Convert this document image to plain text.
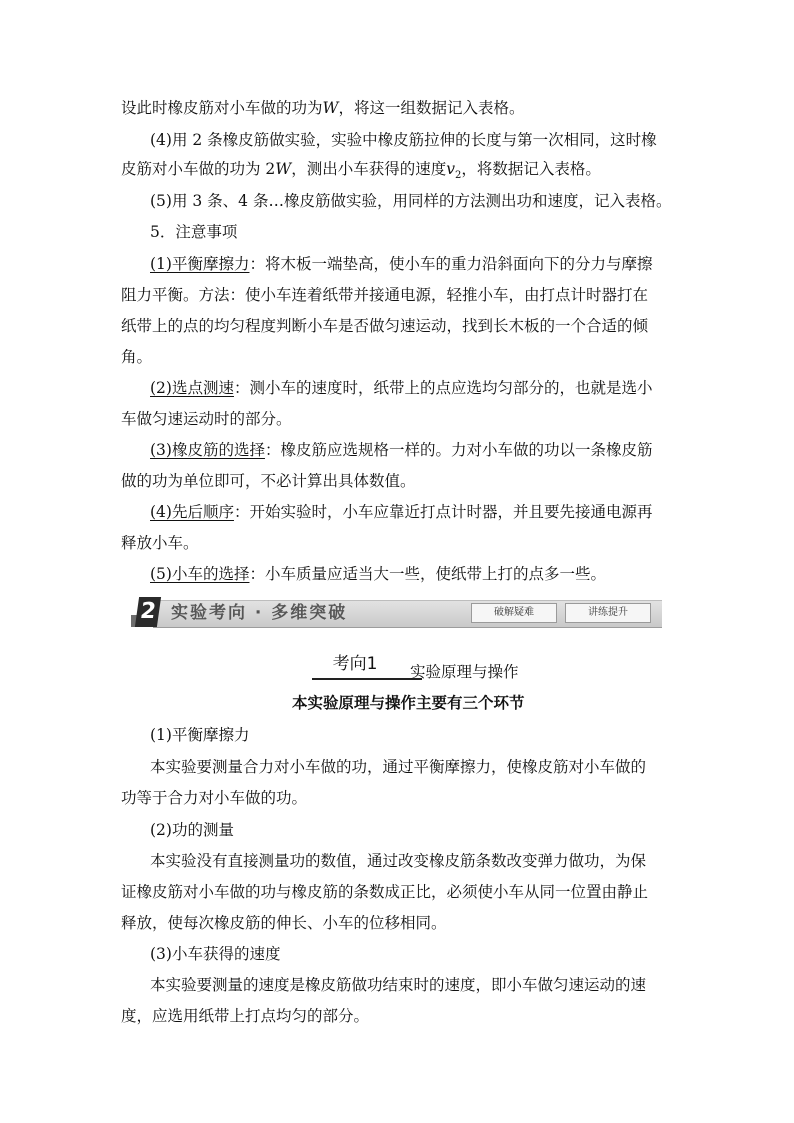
设此时橡皮筋对小车做的功为W，将这一组数据记入表格。
(4)用 2 条橡皮筋做实验，实验中橡皮筋拉伸的长度与第一次相同，这时橡
皮筋对小车做的功为 2W，测出小车获得的速度$v_2$，将数据记入表格。
(5)用 3 条、4 条…橡皮筋做实验，用同样的方法测出功和速度，记入表格。
5．注意事项
(1)平衡摩擦力：将木板一端垫高，使小车的重力沿斜面向下的分力与摩擦
阻力平衡。方法：使小车连着纸带并接通电源，轻推小车，由打点计时器打在
纸带上的点的均匀程度判断小车是否做匀速运动，找到长木板的一个合适的倾
角。
(2)选点测速：测小车的速度时，纸带上的点应选均匀部分的，也就是选小
车做匀速运动时的部分。
(3)橡皮筋的选择：橡皮筋应选规格一样的。力对小车做的功以一条橡皮筋
做的功为单位即可，不必计算出具体数值。
(4)先后顺序：开始实验时，小车应靠近打点计时器，并且要先接通电源再
释放小车。
(5)小车的选择：小车质量应适当大一些，使纸带上打的点多一些。
2 实验考向 · 多维突破	破解疑难	讲练提升
考向1	实验原理与操作
本实验原理与操作主要有三个环节
(1)平衡摩擦力
本实验要测量合力对小车做的功，通过平衡摩擦力，使橡皮筋对小车做的
功等于合力对小车做的功。
(2)功的测量
本实验没有直接测量功的数值，通过改变橡皮筋条数改变弹力做功，为保
证橡皮筋对小车做的功与橡皮筋的条数成正比，必须使小车从同一位置由静止
释放，使每次橡皮筋的伸长、小车的位移相同。
(3)小车获得的速度
本实验要测量的速度是橡皮筋做功结束时的速度，即小车做匀速运动的速
度，应选用纸带上打点均匀的部分。
